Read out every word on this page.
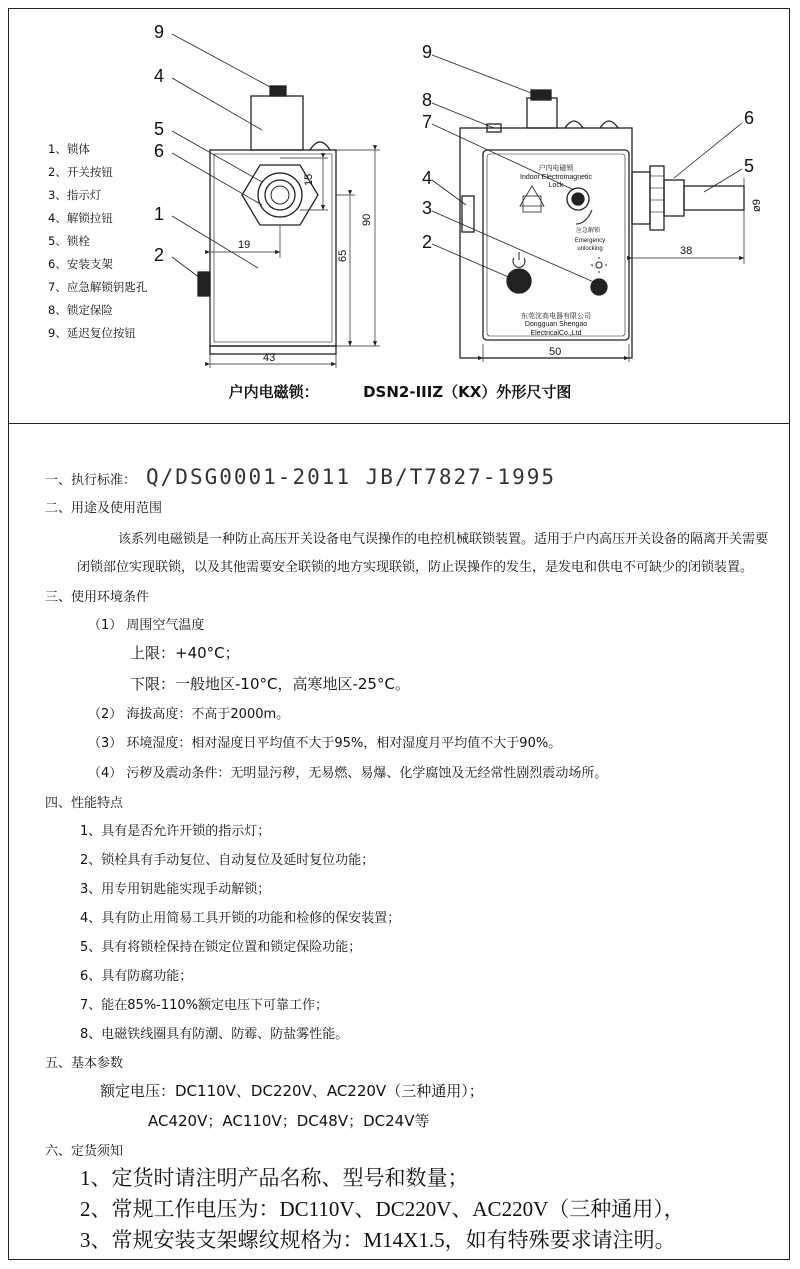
9
4
5
6
1
2
15
90
65
19
43
9
8
7
4
3
2
6
5
ø9
38
50
户内电磁锁
Indoor Electromagnetic
Lock
应急解锁
Emergency
unlocking
东莞沈高电器有限公司
Dongguan Shengao
ElectricalCo.,Ltd
1、锁体
2、开关按钮
3、指示灯
4、解锁拉钮
5、锁栓
6、安装支架
7、应急解锁钥匙孔
8、锁定保险
9、延迟复位按钮
户内电磁锁：	DSN2-IIIZ（KX）外形尺寸图
一、执行标准： Q/DSG0001-2011 JB/T7827-1995
二、用途及使用范围
该系列电磁锁是一种防止高压开关设备电气误操作的电控机械联锁装置。适用于户内高压开关设备的隔离开关需要
闭锁部位实现联锁，以及其他需要安全联锁的地方实现联锁，防止误操作的发生，是发电和供电不可缺少的闭锁装置。
三、使用环境条件
（1） 周围空气温度
上限：+40°C；
下限：一般地区-10°C，高寒地区-25°C。
（2） 海拔高度：不高于2000m。
（3） 环境湿度：相对湿度日平均值不大于95%，相对湿度月平均值不大于90%。
（4） 污秽及震动条件：无明显污秽，无易燃、易爆、化学腐蚀及无经常性剧烈震动场所。
四、性能特点
1、具有是否允许开锁的指示灯；
2、锁栓具有手动复位、自动复位及延时复位功能；
3、用专用钥匙能实现手动解锁；
4、具有防止用简易工具开锁的功能和检修的保安装置；
5、具有将锁栓保持在锁定位置和锁定保险功能；
6、具有防腐功能；
7、能在85%-110%额定电压下可靠工作；
8、电磁铁线圈具有防潮、防霉、防盐雾性能。
五、基本参数
额定电压：DC110V、DC220V、AC220V（三种通用）；
AC420V；AC110V；DC48V；DC24V等
六、定货须知
1、定货时请注明产品名称、型号和数量；
2、常规工作电压为：DC110V、DC220V、AC220V（三种通用），
3、常规安装支架螺纹规格为：M14X1.5，如有特殊要求请注明。
